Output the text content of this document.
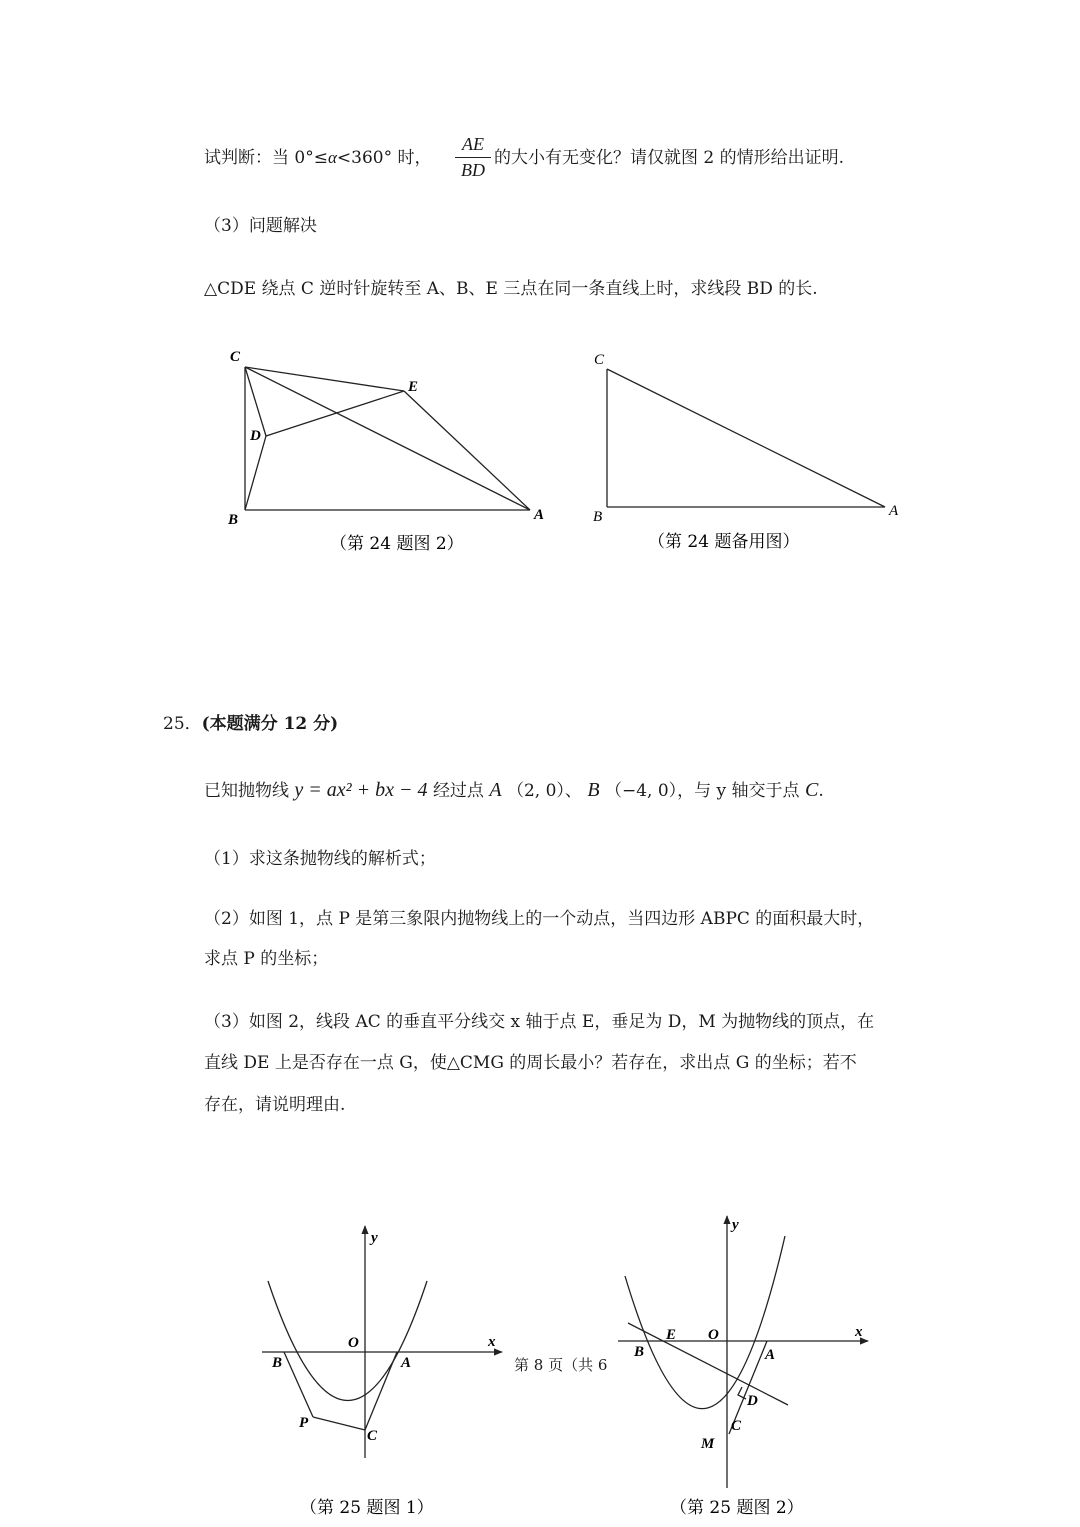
试判断：当 0°≤α<360° 时， $\frac{AE}{BD}$ 的大小有无变化？请仅就图 2 的情形给出证明.
（3）问题解决
△CDE 绕点 C 逆时针旋转至 A、B、E 三点在同一条直线上时，求线段 BD 的长.
C
E
D
B	A
（第 24 题图 2）
C
B	A
（第 24 题备用图）
25．(本题满分 12 分)
已知抛物线 y = ax² + bx − 4 经过点 A （2, 0）、 B （−4, 0），与 y 轴交于点 C.
（1）求这条抛物线的解析式；
（2）如图 1，点 P 是第三象限内抛物线上的一个动点，当四边形 ABPC 的面积最大时，
求点 P 的坐标；
（3）如图 2，线段 AC 的垂直平分线交 x 轴于点 E，垂足为 D，M 为抛物线的顶点，在
直线 DE 上是否存在一点 G，使△CMG 的周长最小？若存在，求出点 G 的坐标；若不
存在，请说明理由.
y
x
O
B	A
P
C
（第 25 题图 1）
第 8 页（共 6
y
x
E O
B	A
D
C
M
（第 25 题图 2）
